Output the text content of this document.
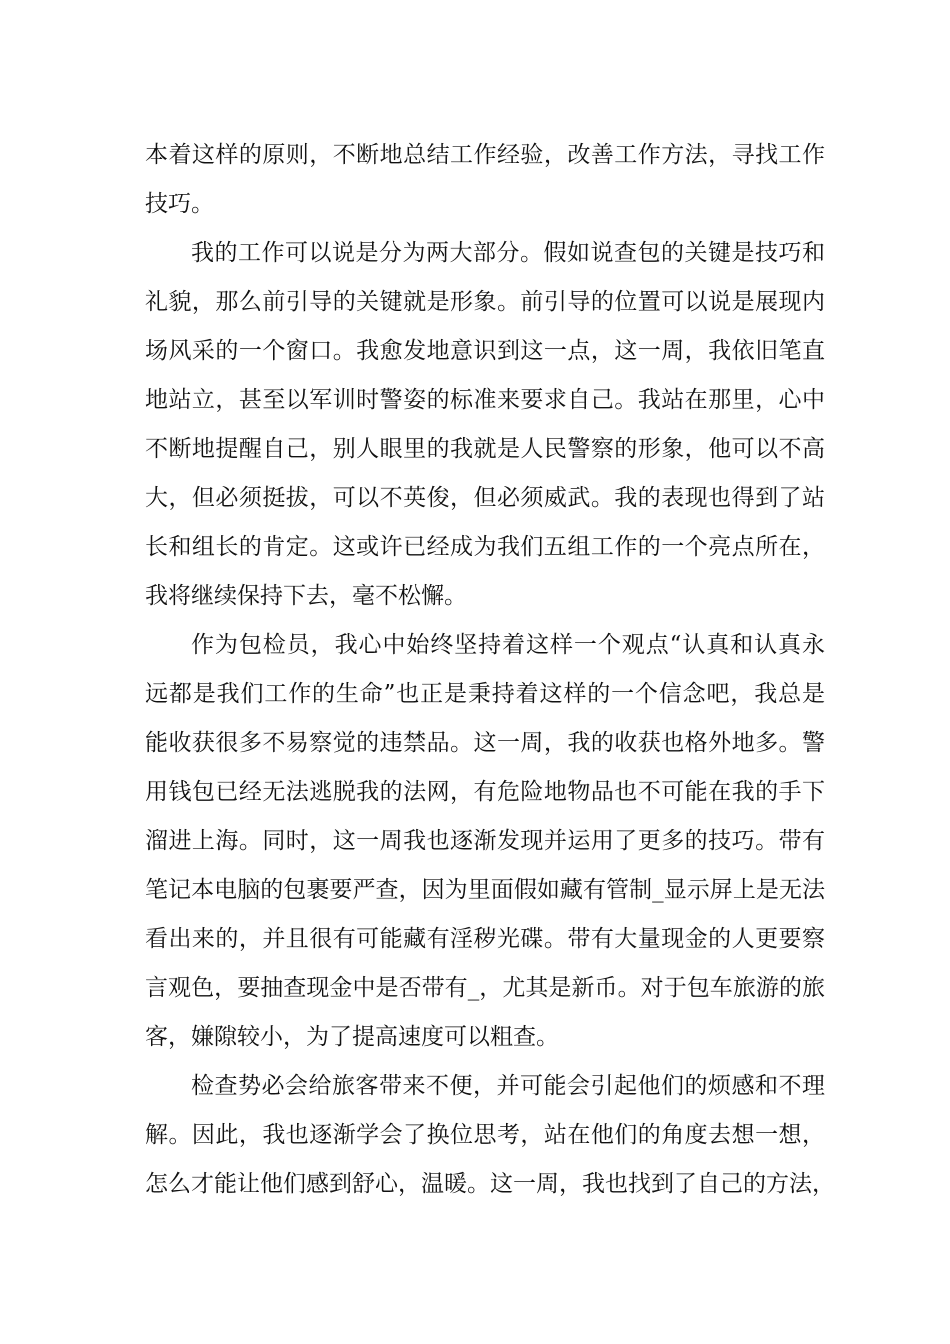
本着这样的原则，不断地总结工作经验，改善工作方法，寻找工作
技巧。
我的工作可以说是分为两大部分。假如说查包的关键是技巧和
礼貌，那么前引导的关键就是形象。前引导的位置可以说是展现内
场风采的一个窗口。我愈发地意识到这一点，这一周，我依旧笔直
地站立，甚至以军训时警姿的标准来要求自己。我站在那里，心中
不断地提醒自己，别人眼里的我就是人民警察的形象，他可以不高
大，但必须挺拔，可以不英俊，但必须威武。我的表现也得到了站
长和组长的肯定。这或许已经成为我们五组工作的一个亮点所在，
我将继续保持下去，毫不松懈。
作为包检员，我心中始终坚持着这样一个观点“认真和认真永
远都是我们工作的生命”也正是秉持着这样的一个信念吧，我总是
能收获很多不易察觉的违禁品。这一周，我的收获也格外地多。警
用钱包已经无法逃脱我的法网，有危险地物品也不可能在我的手下
溜进上海。同时，这一周我也逐渐发现并运用了更多的技巧。带有
笔记本电脑的包裹要严查，因为里面假如藏有管制_显示屏上是无法
看出来的，并且很有可能藏有淫秽光碟。带有大量现金的人更要察
言观色，要抽查现金中是否带有_，尤其是新币。对于包车旅游的旅
客，嫌隙较小，为了提高速度可以粗查。
检查势必会给旅客带来不便，并可能会引起他们的烦感和不理
解。因此，我也逐渐学会了换位思考，站在他们的角度去想一想，
怎么才能让他们感到舒心，温暖。这一周，我也找到了自己的方法，
